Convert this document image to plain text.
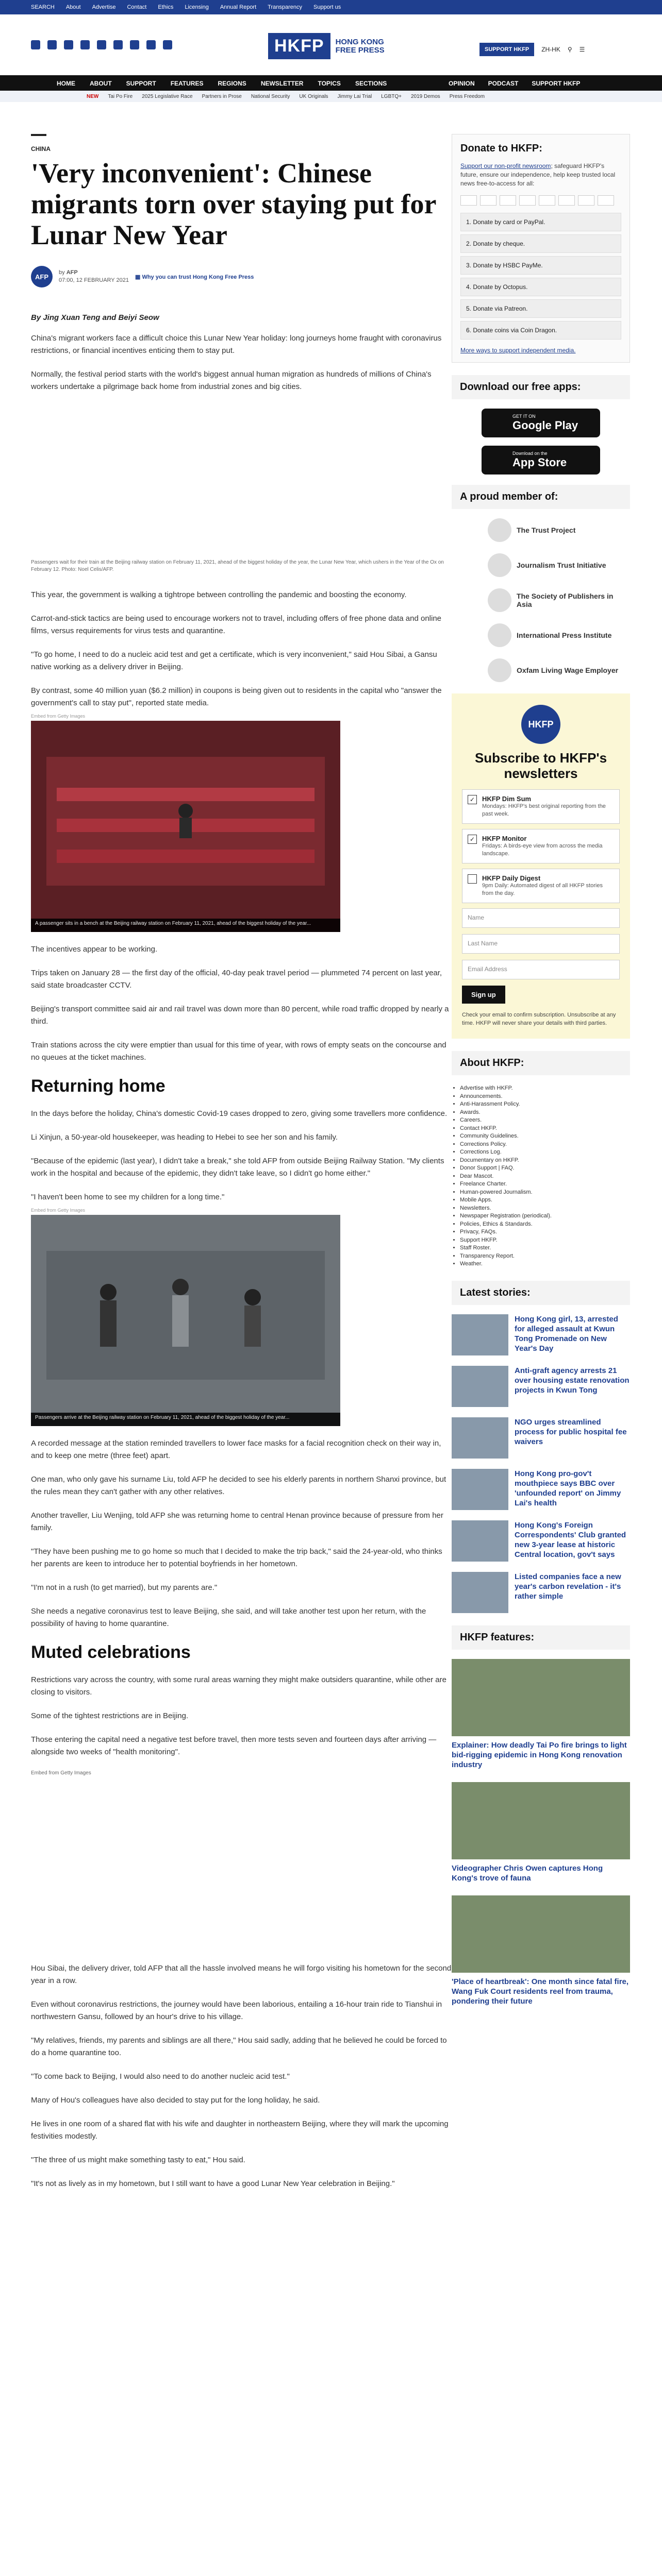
SEARCH About Advertise Contact Ethics Licensing Annual Report Transparency Support us
HKFP	HONG KONG
FREE PRESS	SUPPORT HKFP	ZH-HK ⚲ ☰
HOME ABOUT SUPPORT FEATURES REGIONS NEWSLETTER TOPICS SECTIONS	OPINION PODCAST SUPPORT HKFP
NEW Tai Po Fire 2025 Legislative Race Partners in Prose National Security UK Originals Jimmy Lai Trial LGBTQ+ 2019 Demos Press Freedom
CHINA
'Very inconvenient': Chinese migrants torn over staying put for Lunar New Year
AFP
by AFP
07:00, 12 FEBRUARY 2021
▦ Why you can trust Hong Kong Free Press
By Jing Xuan Teng and Beiyi Seow

China's migrant workers face a difficult choice this Lunar New Year holiday: long journeys home fraught with coronavirus restrictions, or financial incentives enticing them to stay put.

Normally, the festival period starts with the world's biggest annual human migration as hundreds of millions of China's workers undertake a pilgrimage back home from industrial zones and big cities.

Passengers wait for their train at the Beijing railway station on February 11, 2021, ahead of the biggest holiday of the year, the Lunar New Year, which ushers in the Year of the Ox on February 12. Photo: Noel Celis/AFP.

This year, the government is walking a tightrope between controlling the pandemic and boosting the economy.

Carrot-and-stick tactics are being used to encourage workers not to travel, including offers of free phone data and online films, versus requirements for virus tests and quarantine.

"To go home, I need to do a nucleic acid test and get a certificate, which is very inconvenient," said Hou Sibai, a Gansu native working as a delivery driver in Beijing.

By contrast, some 40 million yuan ($6.2 million) in coupons is being given out to residents in the capital who "answer the government's call to stay put", reported state media.

Embed from Getty Images
A passenger sits in a bench at the Beijing railway station on February 11, 2021, ahead of the biggest holiday of the year...

The incentives appear to be working.

Trips taken on January 28 — the first day of the official, 40-day peak travel period — plummeted 74 percent on last year, said state broadcaster CCTV.

Beijing's transport committee said air and rail travel was down more than 80 percent, while road traffic dropped by nearly a third.

Train stations across the city were emptier than usual for this time of year, with rows of empty seats on the concourse and no queues at the ticket machines.

Returning home

In the days before the holiday, China's domestic Covid-19 cases dropped to zero, giving some travellers more confidence.

Li Xinjun, a 50-year-old housekeeper, was heading to Hebei to see her son and his family.

"Because of the epidemic (last year), I didn't take a break," she told AFP from outside Beijing Railway Station. "My clients work in the hospital and because of the epidemic, they didn't take leave, so I didn't go home either."

"I haven't been home to see my children for a long time."

Embed from Getty Images
Passengers arrive at the Beijing railway station on February 11, 2021, ahead of the biggest holiday of the year...

A recorded message at the station reminded travellers to lower face masks for a facial recognition check on their way in, and to keep one metre (three feet) apart.

One man, who only gave his surname Liu, told AFP he decided to see his elderly parents in northern Shanxi province, but the rules mean they can't gather with any other relatives.

Another traveller, Liu Wenjing, told AFP she was returning home to central Henan province because of pressure from her family.

"They have been pushing me to go home so much that I decided to make the trip back," said the 24-year-old, who thinks her parents are keen to introduce her to potential boyfriends in her hometown.

"I'm not in a rush (to get married), but my parents are."

She needs a negative coronavirus test to leave Beijing, she said, and will take another test upon her return, with the possibility of having to home quarantine.

Muted celebrations

Restrictions vary across the country, with some rural areas warning they might make outsiders quarantine, while other are closing to visitors.

Some of the tightest restrictions are in Beijing.

Those entering the capital need a negative test before travel, then more tests seven and fourteen days after arriving — alongside two weeks of "health monitoring".

Embed from Getty Images

Hou Sibai, the delivery driver, told AFP that all the hassle involved means he will forgo visiting his hometown for the second year in a row.

Even without coronavirus restrictions, the journey would have been laborious, entailing a 16-hour train ride to Tianshui in northwestern Gansu, followed by an hour's drive to his village.

"My relatives, friends, my parents and siblings are all there," Hou said sadly, adding that he believed he could be forced to do a home quarantine too.

"To come back to Beijing, I would also need to do another nucleic acid test."

Many of Hou's colleagues have also decided to stay put for the long holiday, he said.

He lives in one room of a shared flat with his wife and daughter in northeastern Beijing, where they will mark the upcoming festivities modestly.

"The three of us might make something tasty to eat," Hou said.

"It's not as lively as in my hometown, but I still want to have a good Lunar New Year celebration in Beijing."

Donate to HKFP:
Support our non-profit newsroom; safeguard HKFP's future, ensure our independence, help keep trusted local news free-to-access for all:
1. Donate by card or PayPal.
2. Donate by cheque.
3. Donate by HSBC PayMe.
4. Donate by Octopus.
5. Donate via Patreon.
6. Donate coins via Coin Dragon.
More ways to support independent media.
Download our free apps:
GET IT ON
Google Play
Download on the
App Store
A proud member of:
The Trust Project
Journalism Trust Initiative
The Society of Publishers in Asia
International Press Institute
Oxfam Living Wage Employer
HKFP
Subscribe to HKFP's newsletters
✓	HKFP Dim Sum
Mondays: HKFP's best original reporting from the past week.
✓	HKFP Monitor
Fridays: A birds-eye view from across the media landscape.
HKFP Daily Digest
9pm Daily: Automated digest of all HKFP stories from the day.
Name
Last Name
Email Address
Sign up
Check your email to confirm subscription. Unsubscribe at any time. HKFP will never share your details with third parties.
About HKFP:
• Advertise with HKFP.
• Announcements.
• Anti-Harassment Policy.
• Awards.
• Careers.
• Contact HKFP.
• Community Guidelines.
• Corrections Policy.
• Corrections Log.
• Documentary on HKFP.
• Donor Support | FAQ.
• Dear Mascot.
• Freelance Charter.
• Human-powered Journalism.
• Mobile Apps.
• Newsletters.
• Newspaper Registration (periodical).
• Policies, Ethics & Standards.
• Privacy, FAQs.
• Support HKFP.
• Staff Roster.
• Transparency Report.
• Weather.
Latest stories:
Hong Kong girl, 13, arrested for alleged assault at Kwun Tong Promenade on New Year's Day
Anti-graft agency arrests 21 over housing estate renovation projects in Kwun Tong
NGO urges streamlined process for public hospital fee waivers
Hong Kong pro-gov't mouthpiece says BBC over 'unfounded report' on Jimmy Lai's health
Hong Kong's Foreign Correspondents' Club granted new 3-year lease at historic Central location, gov't says
Listed companies face a new year's carbon revelation - it's rather simple
HKFP features:
Explainer: How deadly Tai Po fire brings to light bid-rigging epidemic in Hong Kong renovation industry
Videographer Chris Owen captures Hong Kong's trove of fauna
'Place of heartbreak': One month since fatal fire, Wang Fuk Court residents reel from trauma, pondering their future
